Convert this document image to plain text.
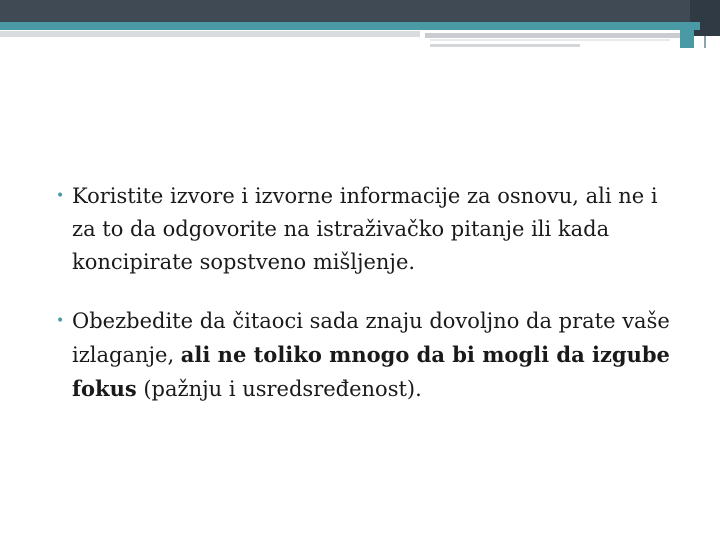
• Koristite izvore i izvorne informacije za osnovu, ali ne i za to da odgovorite na istraživačko pitanje ili kada koncipirate sopstveno mišljenje.
• Obezbedite da čitaoci sada znaju dovoljno da prate vaše izlaganje, ali ne toliko mnogo da bi mogli da izgube fokus (pažnju i usredsređenost).
